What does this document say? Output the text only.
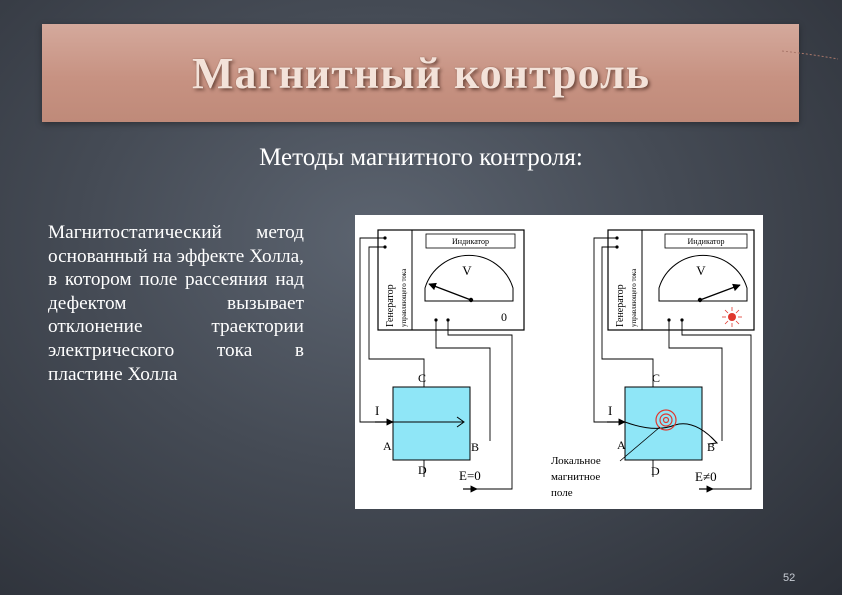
Магнитный контроль
Методы магнитного контроля:
Магнитостатический метод основанный на эффекте Холла, в котором поле рассеяния над дефектом вызывает отклонение траектории электрического тока в пластине Холла
Генератор управляющего тока
Индикатор
V
0
C
I
A	B
D E=0
Генератор управляющего тока
Индикатор
V
C
I
A	B
D	E≠0
Локальное
магнитное
поле
52
